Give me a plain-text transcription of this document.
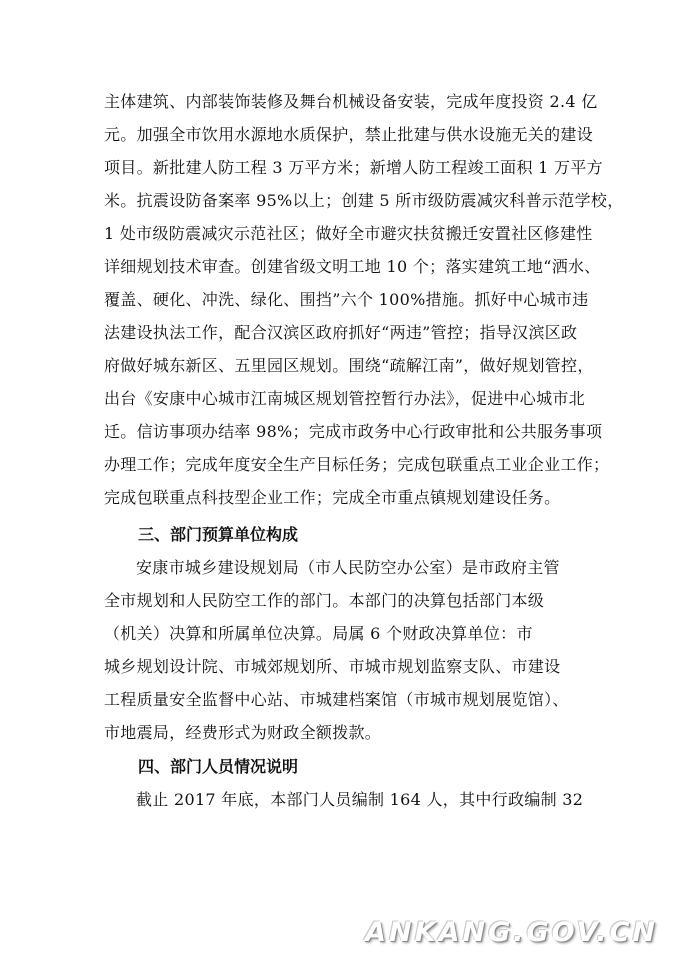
主体建筑、内部装饰装修及舞台机械设备安装，完成年度投资 2.4 亿
元。加强全市饮用水源地水质保护，禁止批建与供水设施无关的建设
项目。新批建人防工程 3 万平方米；新增人防工程竣工面积 1 万平方
米。抗震设防备案率 95%以上；创建 5 所市级防震减灾科普示范学校，
1 处市级防震减灾示范社区；做好全市避灾扶贫搬迁安置社区修建性
详细规划技术审查。创建省级文明工地 10 个；落实建筑工地“洒水、
覆盖、硬化、冲洗、绿化、围挡”六个 100%措施。抓好中心城市违
法建设执法工作，配合汉滨区政府抓好“两违”管控；指导汉滨区政
府做好城东新区、五里园区规划。围绕“疏解江南”，做好规划管控，
出台《安康中心城市江南城区规划管控暂行办法》，促进中心城市北
迁。信访事项办结率 98%；完成市政务中心行政审批和公共服务事项
办理工作；完成年度安全生产目标任务；完成包联重点工业企业工作；
完成包联重点科技型企业工作；完成全市重点镇规划建设任务。
三、部门预算单位构成
安康市城乡建设规划局（市人民防空办公室）是市政府主管
全市规划和人民防空工作的部门。本部门的决算包括部门本级
（机关）决算和所属单位决算。局属 6 个财政决算单位：市
城乡规划设计院、市城郊规划所、市城市规划监察支队、市建设
工程质量安全监督中心站、市城建档案馆（市城市规划展览馆）、
市地震局，经费形式为财政全额拨款。
四、部门人员情况说明
截止 2017 年底，本部门人员编制 164 人，其中行政编制 32
ANKANG.GOV.CN
